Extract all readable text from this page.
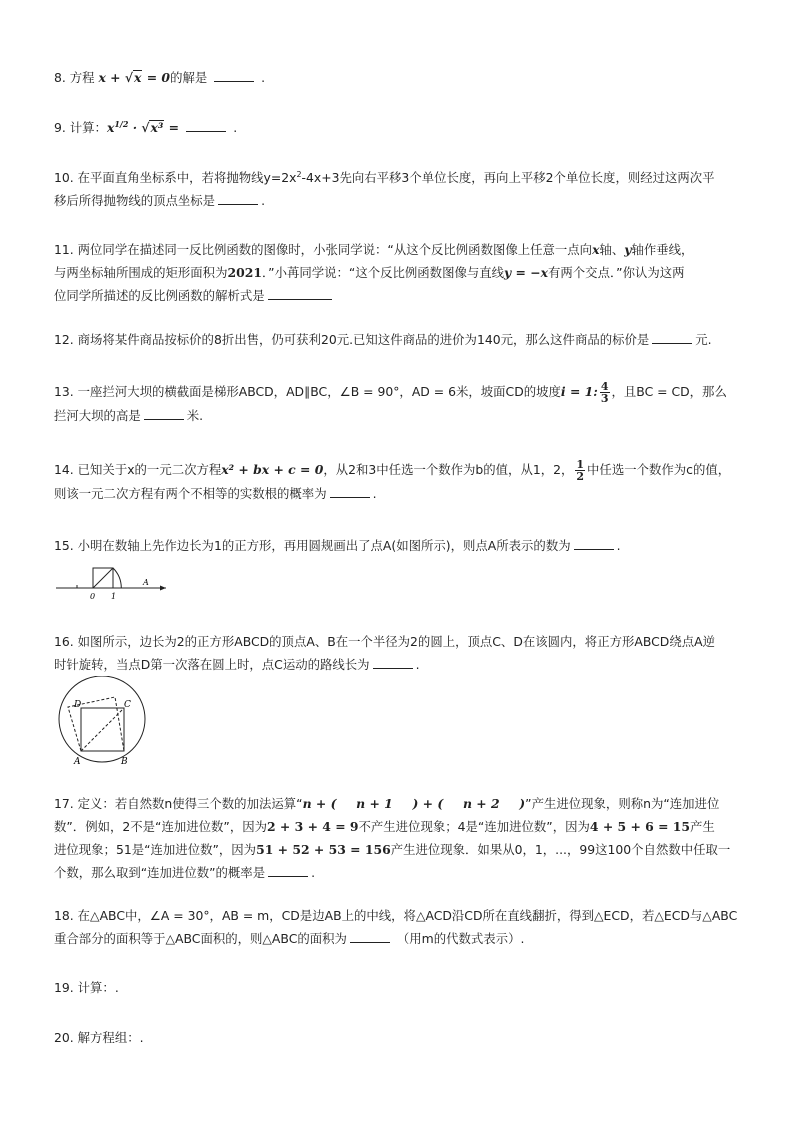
8. 方程 x + √x = 0的解是	.
9. 计算：$x^{1/2} \cdot √x^3$ =	.
10. 在平面直角坐标系中，若将抛物线$y=2x^2-4x+3$先向右平移3个单位长度，再向上平移2个单位长度，则经过这两次平
移后所得抛物线的顶点坐标是	.
11. 两位同学在描述同一反比例函数的图像时，小张同学说：“从这个反比例函数图像上任意一点向x轴、y轴作垂线，
与两坐标轴所围成的矩形面积为2021．”小苒同学说：“这个反比例函数图像与直线y = −x有两个交点．”你认为这两
位同学所描述的反比例函数的解析式是
12. 商场将某件商品按标价的8折出售，仍可获利20元.已知这件商品的进价为140元，那么这件商品的标价是	元.
13. 一座拦河大坝的横截面是梯形ABCD，AD∥BC，∠B = 90°，AD = 6米，坡面CD的坡度i = 1: $\frac{4}{3}$ ，且BC = CD，那么
拦河大坝的高是	米.
14. 已知关于x的一元二次方程x² + bx + c = 0，从2和3中任选一个数作为b的值，从1，2， $\frac{1}{2}$ 中任选一个数作为c的值，
则该一元二次方程有两个不相等的实数根的概率为	.
15. 小明在数轴上先作边长为1的正方形，再用圆规画出了点A(如图所示)，则点A所表示的数为	.
0 1
A
16. 如图所示，边长为2的正方形ABCD的顶点A、B在一个半径为2的圆上，顶点C、D在该圆内，将正方形ABCD绕点A逆
时针旋转，当点D第一次落在圆上时，点C运动的路线长为	.
A	B
C
D
17. 定义：若自然数n使得三个数的加法运算“n + ( n + 1 ) + ( n + 2 )”产生进位现象，则称n为“连加进位
数”．例如，2不是“连加进位数”，因为2 + 3 + 4 = 9不产生进位现象；4是“连加进位数”，因为4 + 5 + 6 = 15产生
进位现象；51是“连加进位数”，因为51 + 52 + 53 = 156产生进位现象．如果从0，1，...，99这100个自然数中任取一
个数，那么取到“连加进位数”的概率是	.
18. 在△ABC中，∠A = 30°，AB = m，CD是边AB上的中线，将△ACD沿CD所在直线翻折，得到△ECD，若△ECD与△ABC
重合部分的面积等于△ABC面积的，则△ABC的面积为	（用m的代数式表示）.
19. 计算：.
20. 解方程组：.
